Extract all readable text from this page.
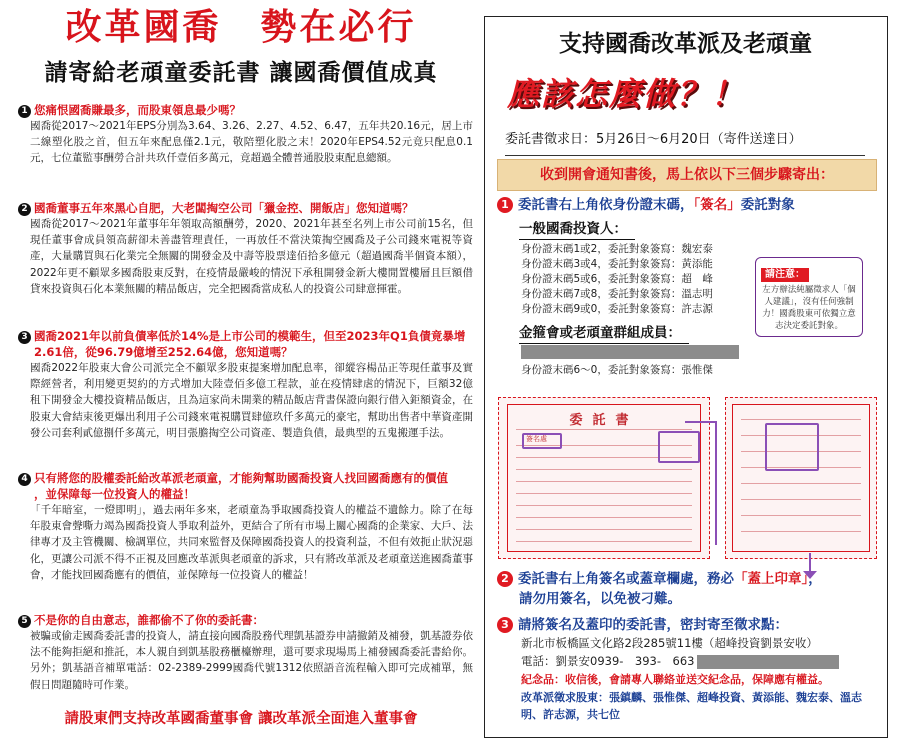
改革國喬　勢在必行
請寄給老頑童委託書 讓國喬價值成真
1 您痛恨國喬賺最多，而股東領息最少嗎？
國喬從2017～2021年EPS分別為3.64、3.26、2.27、4.52、6.47，五年共20.16元，居上市二線塑化股之首，但五年來配息僅2.1元，敬陪塑化股之末！2020年EPS4.52元竟只配息0.1元，七位董監事酬勞合計共玖仟壹佰多萬元，竟超過全體普通股股東配息總額。
2 國喬董事五年來黑心自肥，大老闆掏空公司「獵金控、開飯店」您知道嗎？
國喬從2017～2021年董事年年領取高額酬勞，2020、2021年甚至名列上市公司前15名，但現任董事會成員領高薪卻未善盡管理責任，一再放任不當決策掏空國喬及子公司錢來電視等資產，大量購買與石化業完全無關的開發金及中壽等股票達佰拾多億元（超過國喬半個資本額），2022年更不顧眾多國喬股東反對，在疫情最嚴峻的情況下承租開發金新大樓閒置樓層且巨額借貸來投資與石化本業無關的精品飯店，完全把國喬當成私人的投資公司肆意揮霍。
3 國喬2021年以前負債率低於14%是上市公司的模範生，但至2023年Q1負債竟暴增
2.61倍，從96.79億增至252.64億，您知道嗎？
國喬2022年股東大會公司派完全不顧眾多股東提案增加配息率，卻縱容楊品正等現任董事及實際經營者，利用變更契約的方式增加大陸壹佰多億工程款，並在疫情肆虐的情況下，巨額32億租下開發金大樓投資精品飯店，且為這家尚未開業的精品飯店背書保證向銀行借入鉅額資金，在股東大會結束後更爆出利用子公司錢來電視購買肆億玖仟多萬元的豪宅，幫助出售者中華資產開發公司套利貳億捌仟多萬元，明目張膽掏空公司資產、製造負債，最典型的五鬼搬運手法。
4 只有將您的股權委託給改革派老頑童，才能夠幫助國喬投資人找回國喬應有的價值
，並保障每一位投資人的權益！
「千年暗室，一燈即明」，過去兩年多來，老頑童為爭取國喬投資人的權益不遺餘力。除了在每年股東會聲嘶力竭為國喬投資人爭取利益外，更結合了所有市場上關心國喬的企業家、大戶、法律專才及主管機關、檢調單位，共同來監督及保障國喬投資人的投資利益，不但有效扼止狀況惡化，更讓公司派不得不正視及回應改革派與老頑童的訴求，只有將改革派及老頑童送進國喬董事會，才能找回國喬應有的價值，並保障每一位投資人的權益！
5 不是你的自由意志，誰都偷不了你的委託書：
被騙或偷走國喬委託書的投資人，請直接向國喬股務代理凱基證券申請撤銷及補發，凱基證券依法不能夠拒絕和推託，本人親自到凱基股務櫃檯辦理，還可要求現場馬上補發國喬委託書給你。另外；凱基語音補單電話：02-2389-2999國喬代號1312依照語音流程輸入即可完成補單，無假日問題隨時可作業。
請股東們支持改革國喬董事會 讓改革派全面進入董事會
支持國喬改革派及老頑童
應該怎麼做？！
委託書徵求日：5月26日～6月20日（寄件送達日）
收到開會通知書後，馬上依以下三個步驟寄出：
1 委託書右上角依身份證末碼，「簽名」委託對象
一般國喬投資人：
身份證末碼1或2，委託對象簽寫：魏宏泰
身份證末碼3或4，委託對象簽寫：黃添能
身份證末碼5或6，委託對象簽寫：超　峰
身份證末碼7或8，委託對象簽寫：溫志明
身份證末碼9或0，委託對象簽寫：許志源
請注意：
左方辦法純屬徵求人「個人建議」，沒有任何強制力！國喬股東可依獨立意志決定委託對象。
金箍會或老頑童群組成員：
身份證末碼6～0，委託對象簽寫：張惟傑
委託書
簽名處
2 委託書右上角簽名或蓋章欄處，務必「蓋上印章」，
請勿用簽名，以免被刁難。
3 請將簽名及蓋印的委託書，密封寄至徵求點：
新北市板橋區文化路2段285號11樓（超峰投資劉景安收）
電話：劉景安0939-　393-　663
紀念品：收信後，會請專人聯絡並送交紀念品，保障應有權益。
改革派徵求股東：張鎮麟、張惟傑、超峰投資、黃添能、魏宏泰、溫志明、許志源，共七位
